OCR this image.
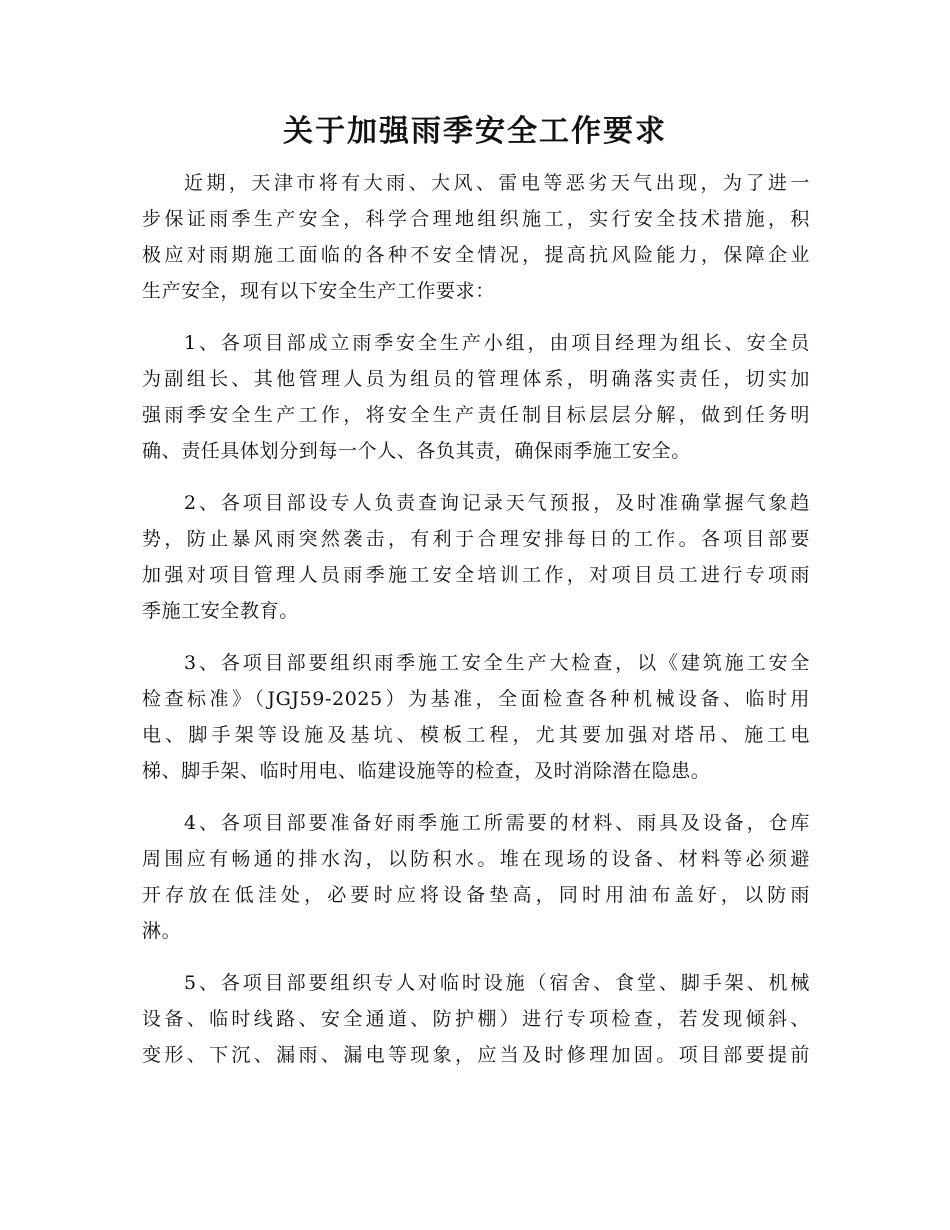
关于加强雨季安全工作要求

近期，天津市将有大雨、大风、雷电等恶劣天气出现，为了进一
步保证雨季生产安全，科学合理地组织施工，实行安全技术措施，积
极应对雨期施工面临的各种不安全情况，提高抗风险能力，保障企业
生产安全，现有以下安全生产工作要求：

1、各项目部成立雨季安全生产小组，由项目经理为组长、安全员
为副组长、其他管理人员为组员的管理体系，明确落实责任，切实加
强雨季安全生产工作，将安全生产责任制目标层层分解，做到任务明
确、责任具体划分到每一个人、各负其责，确保雨季施工安全。

2、各项目部设专人负责查询记录天气预报，及时准确掌握气象趋
势，防止暴风雨突然袭击，有利于合理安排每日的工作。各项目部要
加强对项目管理人员雨季施工安全培训工作，对项目员工进行专项雨
季施工安全教育。

3、各项目部要组织雨季施工安全生产大检查，以《建筑施工安全
检查标准》（JGJ59-2025）为基准，全面检查各种机械设备、临时用
电、脚手架等设施及基坑、模板工程，尤其要加强对塔吊、施工电
梯、脚手架、临时用电、临建设施等的检查，及时消除潜在隐患。

4、各项目部要准备好雨季施工所需要的材料、雨具及设备，仓库
周围应有畅通的排水沟，以防积水。堆在现场的设备、材料等必须避
开存放在低洼处，必要时应将设备垫高，同时用油布盖好，以防雨
淋。

5、各项目部要组织专人对临时设施（宿舍、食堂、脚手架、机械
设备、临时线路、安全通道、防护棚）进行专项检查，若发现倾斜、
变形、下沉、漏雨、漏电等现象，应当及时修理加固。项目部要提前
